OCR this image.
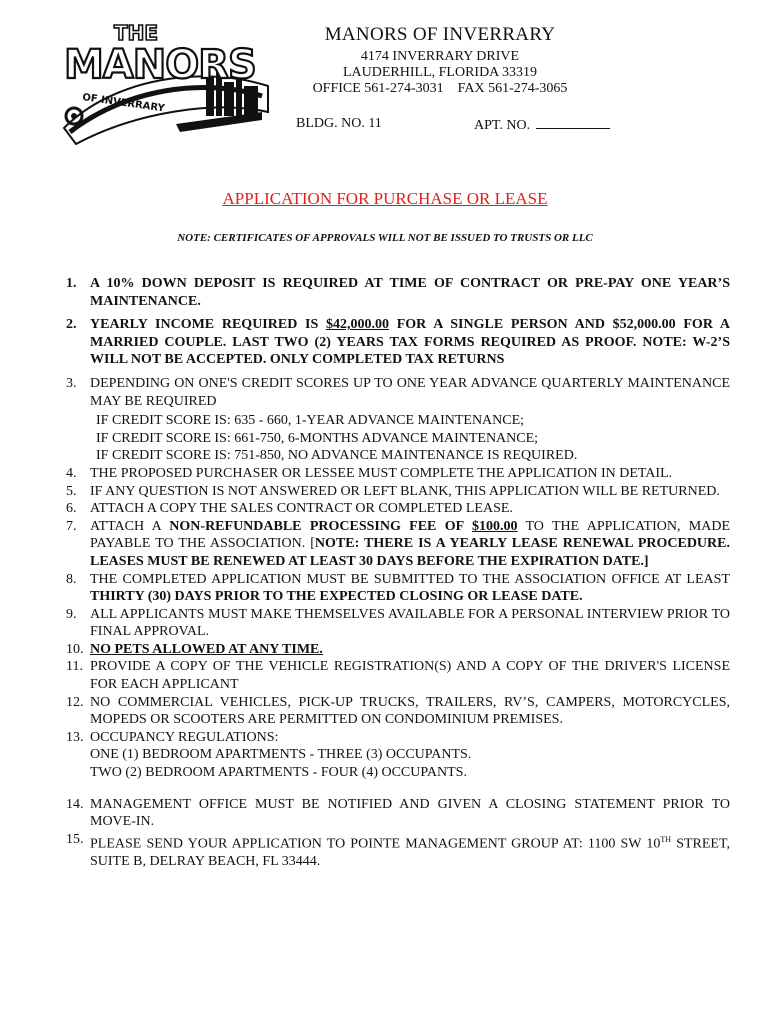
THE
MANORS
OF INVERRARY
MANORS OF INVERRARY
4174 INVERRARY DRIVE
LAUDERHILL, FLORIDA 33319
OFFICE 561-274-3031    FAX 561-274-3065
BLDG. NO. 11	APT. NO.
APPLICATION FOR PURCHASE OR LEASE
NOTE: CERTIFICATES OF APPROVALS WILL NOT BE ISSUED TO TRUSTS OR LLC
1. A 10% DOWN DEPOSIT IS REQUIRED AT TIME OF CONTRACT OR PRE-PAY ONE YEAR’S MAINTENANCE.
2. YEARLY INCOME REQUIRED IS $42,000.00 FOR A SINGLE PERSON AND $52,000.00 FOR A MARRIED COUPLE. LAST TWO (2) YEARS TAX FORMS REQUIRED AS PROOF. NOTE: W-2’S WILL NOT BE ACCEPTED. ONLY COMPLETED TAX RETURNS
3. DEPENDING ON ONE'S CREDIT SCORES UP TO ONE YEAR ADVANCE QUARTERLY MAINTENANCE MAY BE REQUIRED
IF CREDIT SCORE IS: 635 - 660, 1-YEAR ADVANCE MAINTENANCE;
IF CREDIT SCORE IS: 661-750, 6-MONTHS ADVANCE MAINTENANCE;
IF CREDIT SCORE IS: 751-850, NO ADVANCE MAINTENANCE IS REQUIRED.
4. THE PROPOSED PURCHASER OR LESSEE MUST COMPLETE THE APPLICATION IN DETAIL.
5. IF ANY QUESTION IS NOT ANSWERED OR LEFT BLANK, THIS APPLICATION WILL BE RETURNED.
6. ATTACH A COPY THE SALES CONTRACT OR COMPLETED LEASE.
7. ATTACH A NON-REFUNDABLE PROCESSING FEE OF $100.00 TO THE APPLICATION, MADE PAYABLE TO THE ASSOCIATION. [NOTE: THERE IS A YEARLY LEASE RENEWAL PROCEDURE. LEASES MUST BE RENEWED AT LEAST 30 DAYS BEFORE THE EXPIRATION DATE.]
8. THE COMPLETED APPLICATION MUST BE SUBMITTED TO THE ASSOCIATION OFFICE AT LEAST THIRTY (30) DAYS PRIOR TO THE EXPECTED CLOSING OR LEASE DATE.
9. ALL APPLICANTS MUST MAKE THEMSELVES AVAILABLE FOR A PERSONAL INTERVIEW PRIOR TO FINAL APPROVAL.
10. NO PETS ALLOWED AT ANY TIME.
11. PROVIDE A COPY OF THE VEHICLE REGISTRATION(S) AND A COPY OF THE DRIVER'S LICENSE FOR EACH APPLICANT
12. NO COMMERCIAL VEHICLES, PICK-UP TRUCKS, TRAILERS, RV’S, CAMPERS, MOTORCYCLES, MOPEDS OR SCOOTERS ARE PERMITTED ON CONDOMINIUM PREMISES.
13. OCCUPANCY REGULATIONS:
ONE (1) BEDROOM APARTMENTS - THREE (3) OCCUPANTS.
TWO (2) BEDROOM APARTMENTS - FOUR (4) OCCUPANTS.
14. MANAGEMENT OFFICE MUST BE NOTIFIED AND GIVEN A CLOSING STATEMENT PRIOR TO MOVE-IN.
15. PLEASE SEND YOUR APPLICATION TO POINTE MANAGEMENT GROUP AT: 1100 SW 10TH STREET, SUITE B, DELRAY BEACH, FL 33444.
